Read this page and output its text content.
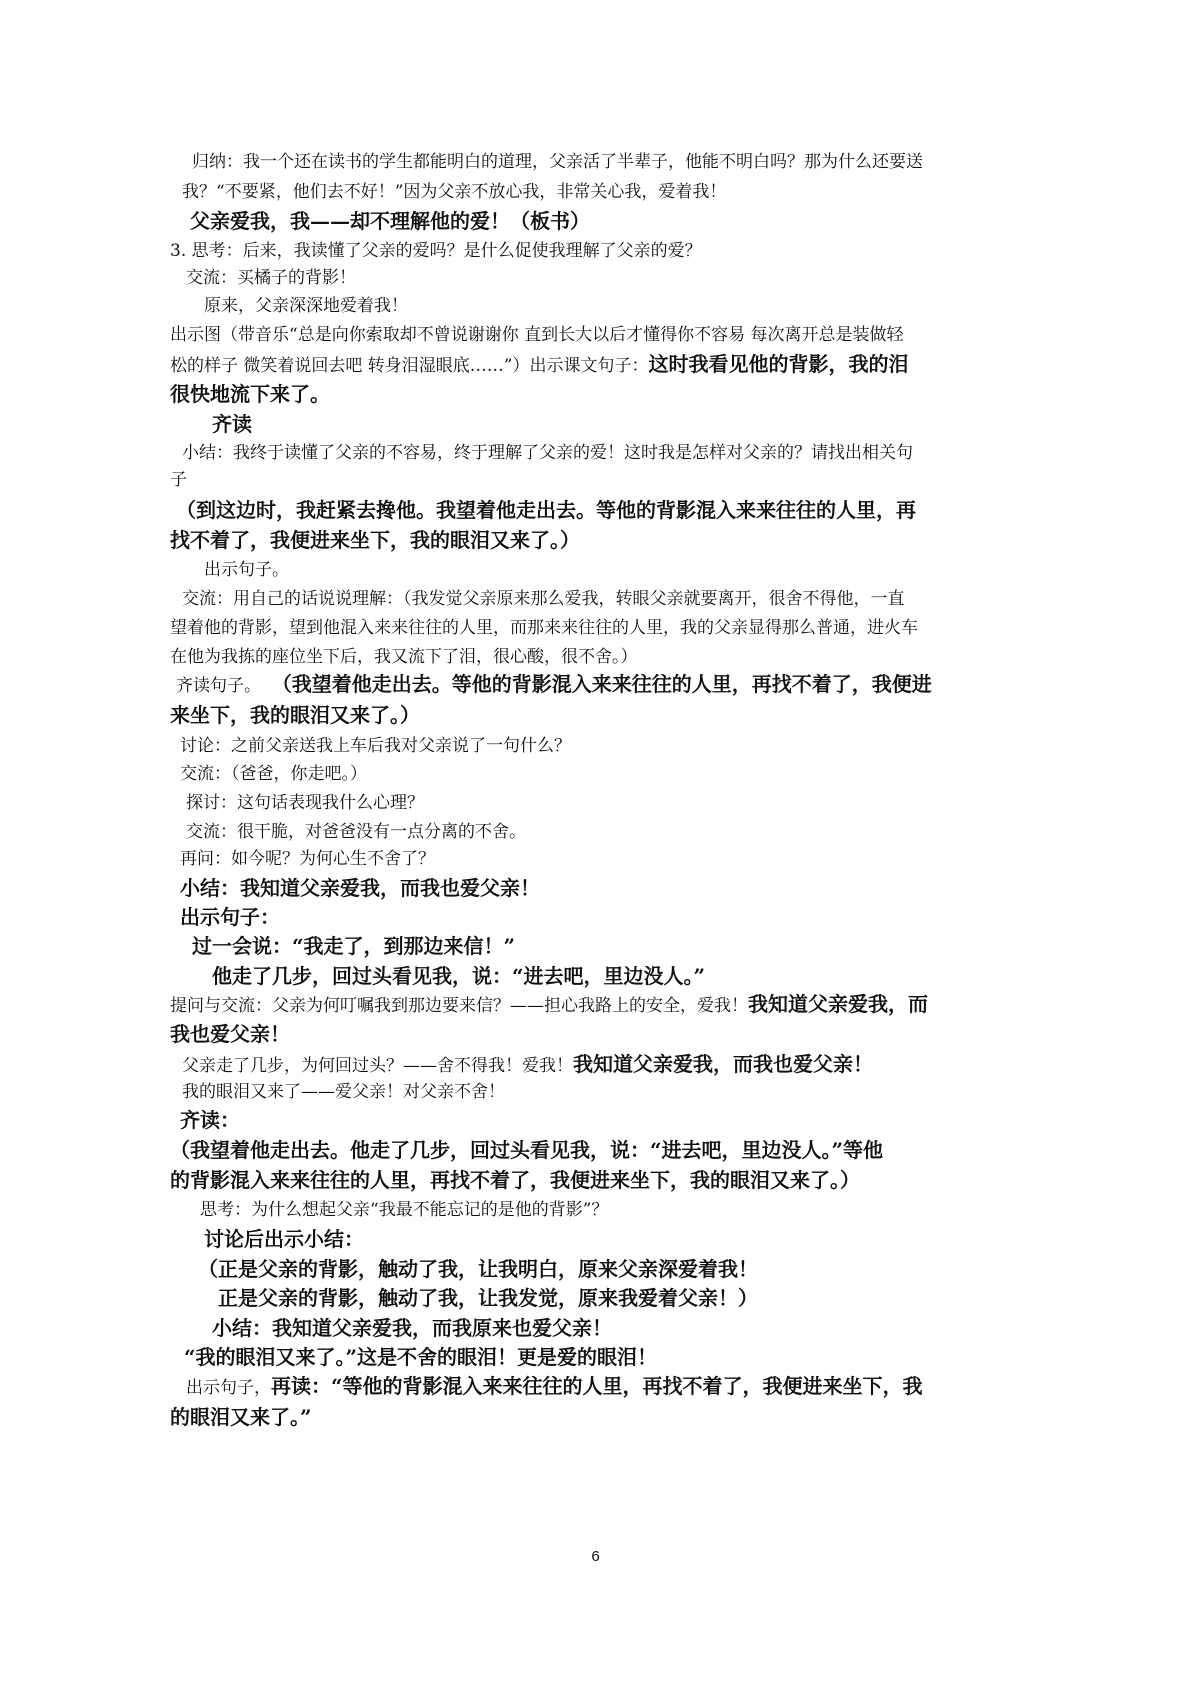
归纳：我一个还在读书的学生都能明白的道理，父亲活了半辈子，他能不明白吗？那为什么还要送
我？“不要紧，他们去不好！”因为父亲不放心我，非常关心我，爱着我！
父亲爱我，我——却不理解他的爱！（板书）
3. 思考：后来，我读懂了父亲的爱吗？是什么促使我理解了父亲的爱？
交流：买橘子的背影！
原来，父亲深深地爱着我！
出示图（带音乐“总是向你索取却不曾说谢谢你 直到长大以后才懂得你不容易 每次离开总是装做轻
松的样子 微笑着说回去吧 转身泪湿眼底……”）出示课文句子：这时我看见他的背影，我的泪
很快地流下来了。
齐读
小结：我终于读懂了父亲的不容易，终于理解了父亲的爱！这时我是怎样对父亲的？请找出相关句
子
（到这边时，我赶紧去搀他。我望着他走出去。等他的背影混入来来往往的人里，再
找不着了，我便进来坐下，我的眼泪又来了。）
出示句子。
交流：用自己的话说说理解：（我发觉父亲原来那么爱我，转眼父亲就要离开，很舍不得他，一直
望着他的背影，望到他混入来来往往的人里，而那来来往往的人里，我的父亲显得那么普通，进火车
在他为我拣的座位坐下后，我又流下了泪，很心酸，很不舍。）
齐读句子。 （我望着他走出去。等他的背影混入来来往往的人里，再找不着了，我便进
来坐下，我的眼泪又来了。）
讨论：之前父亲送我上车后我对父亲说了一句什么？
交流：（爸爸，你走吧。）
探讨：这句话表现我什么心理？
交流：很干脆，对爸爸没有一点分离的不舍。
再问：如今呢？为何心生不舍了？
小结：我知道父亲爱我，而我也爱父亲！
出示句子：
过一会说：“我走了，到那边来信！”
他走了几步，回过头看见我，说：“进去吧，里边没人。”
提问与交流：父亲为何叮嘱我到那边要来信？——担心我路上的安全，爱我！我知道父亲爱我，而
我也爱父亲！
父亲走了几步，为何回过头？——舍不得我！爱我！我知道父亲爱我，而我也爱父亲！
我的眼泪又来了——爱父亲！对父亲不舍！
齐读：
（我望着他走出去。他走了几步，回过头看见我，说：“进去吧，里边没人。”等他
的背影混入来来往往的人里，再找不着了，我便进来坐下，我的眼泪又来了。）
思考：为什么想起父亲“我最不能忘记的是他的背影”？
讨论后出示小结：
（正是父亲的背影，触动了我，让我明白，原来父亲深爱着我！
正是父亲的背影，触动了我，让我发觉，原来我爱着父亲！）
小结：我知道父亲爱我，而我原来也爱父亲！
“我的眼泪又来了。”这是不舍的眼泪！更是爱的眼泪！
出示句子，再读：“等他的背影混入来来往往的人里，再找不着了，我便进来坐下，我
的眼泪又来了。”
6
